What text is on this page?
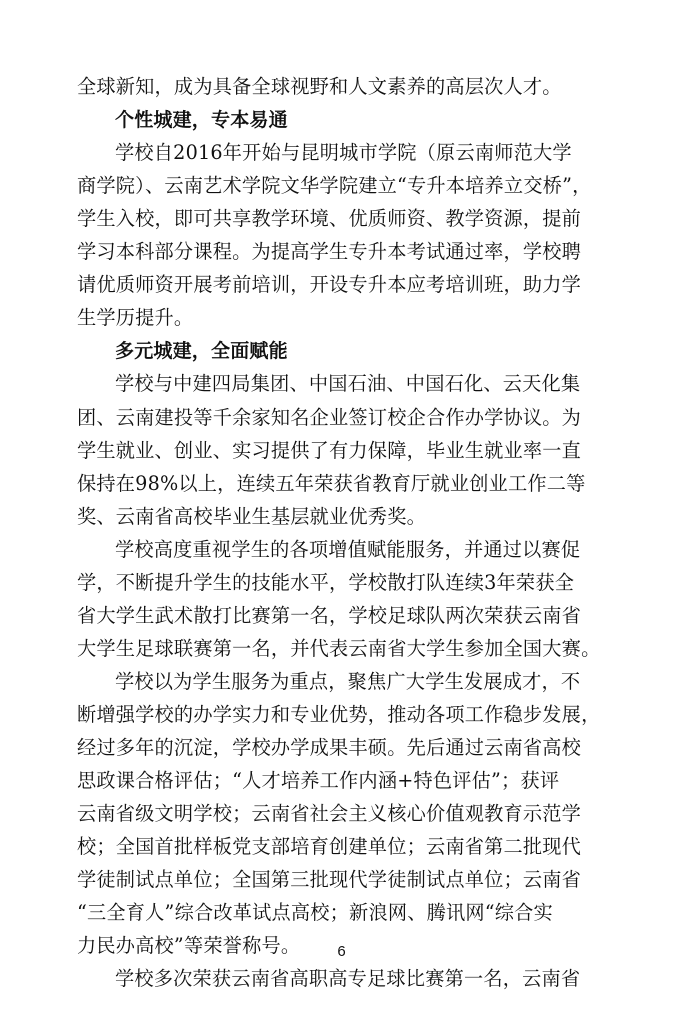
全球新知，成为具备全球视野和人文素养的高层次人才。
个性城建，专本易通
学校自2016年开始与昆明城市学院（原云南师范大学
商学院）、云南艺术学院文华学院建立“专升本培养立交桥”，
学生入校，即可共享教学环境、优质师资、教学资源，提前
学习本科部分课程。为提高学生专升本考试通过率，学校聘
请优质师资开展考前培训，开设专升本应考培训班，助力学
生学历提升。
多元城建，全面赋能
学校与中建四局集团、中国石油、中国石化、云天化集
团、云南建投等千余家知名企业签订校企合作办学协议。为
学生就业、创业、实习提供了有力保障，毕业生就业率一直
保持在98%以上，连续五年荣获省教育厅就业创业工作二等
奖、云南省高校毕业生基层就业优秀奖。
学校高度重视学生的各项增值赋能服务，并通过以赛促
学，不断提升学生的技能水平，学校散打队连续3年荣获全
省大学生武术散打比赛第一名，学校足球队两次荣获云南省
大学生足球联赛第一名，并代表云南省大学生参加全国大赛。
学校以为学生服务为重点，聚焦广大学生发展成才，不
断增强学校的办学实力和专业优势，推动各项工作稳步发展，
经过多年的沉淀，学校办学成果丰硕。先后通过云南省高校
思政课合格评估；“人才培养工作内涵+特色评估”；获评
云南省级文明学校；云南省社会主义核心价值观教育示范学
校；全国首批样板党支部培育创建单位；云南省第二批现代
学徒制试点单位；全国第三批现代学徒制试点单位；云南省
“三全育人”综合改革试点高校；新浪网、腾讯网“综合实
力民办高校”等荣誉称号。
学校多次荣获云南省高职高专足球比赛第一名，云南省
6
